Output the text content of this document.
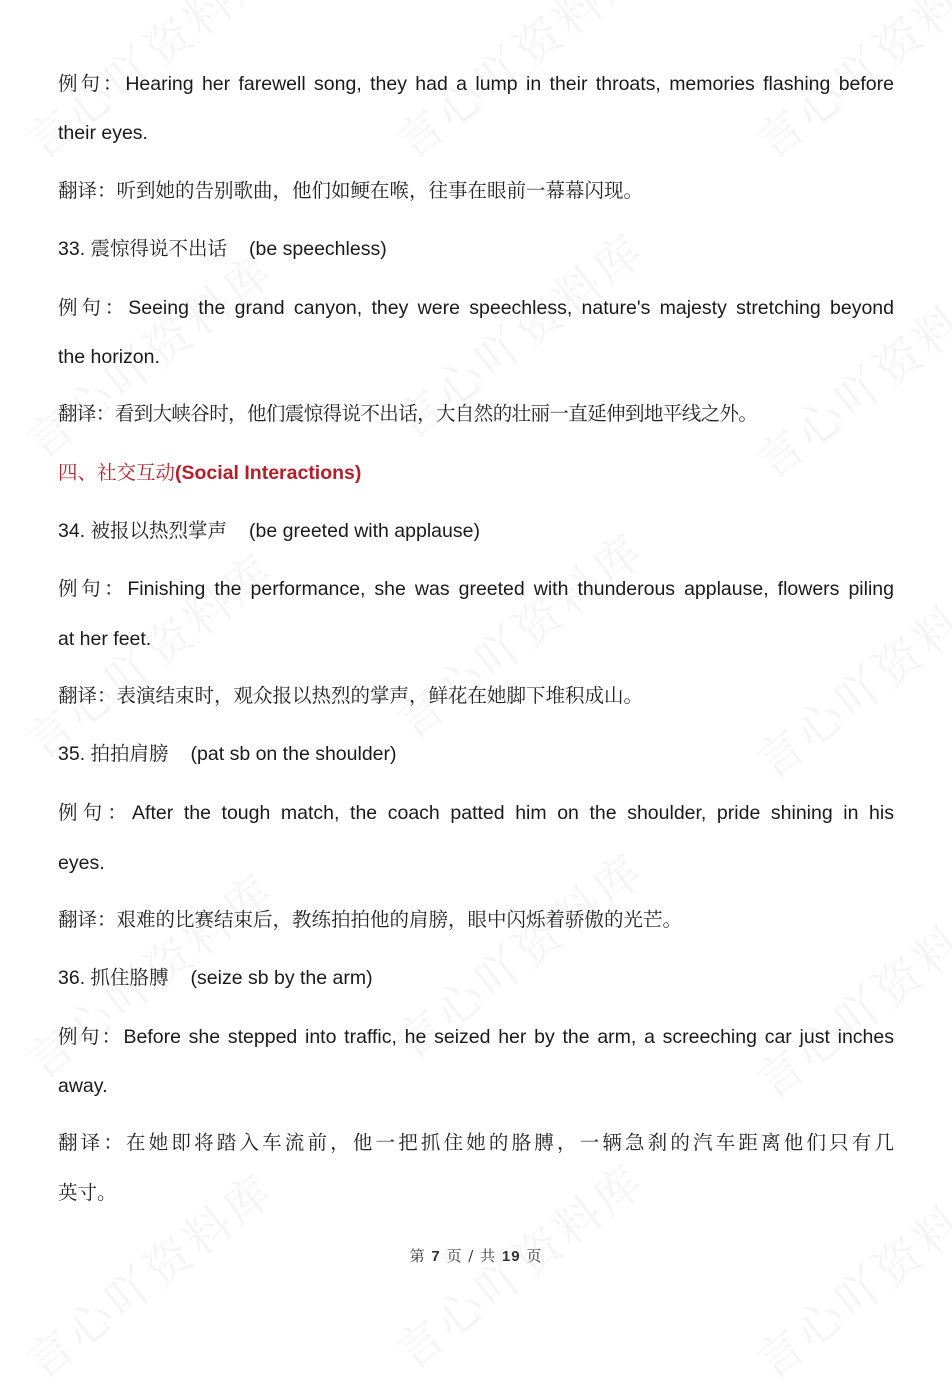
例句：Hearing her farewell song, they had a lump in their throats, memories flashing before
their eyes.
翻译：听到她的告别歌曲，他们如鲠在喉，往事在眼前一幕幕闪现。
33. 震惊得说不出话 (be speechless)
例句：Seeing the grand canyon, they were speechless, nature's majesty stretching beyond
the horizon.
翻译：看到大峡谷时，他们震惊得说不出话，大自然的壮丽一直延伸到地平线之外。
四、社交互动(Social Interactions)
34. 被报以热烈掌声 (be greeted with applause)
例句：Finishing the performance, she was greeted with thunderous applause, flowers piling
at her feet.
翻译：表演结束时，观众报以热烈的掌声，鲜花在她脚下堆积成山。
35. 拍拍肩膀 (pat sb on the shoulder)
例句：After the tough match, the coach patted him on the shoulder, pride shining in his
eyes.
翻译：艰难的比赛结束后，教练拍拍他的肩膀，眼中闪烁着骄傲的光芒。
36. 抓住胳膊 (seize sb by the arm)
例句：Before she stepped into traffic, he seized her by the arm, a screeching car just inches
away.
翻译：在她即将踏入车流前，他一把抓住她的胳膊，一辆急刹的汽车距离他们只有几
英寸。
第 7 页 / 共 19 页
